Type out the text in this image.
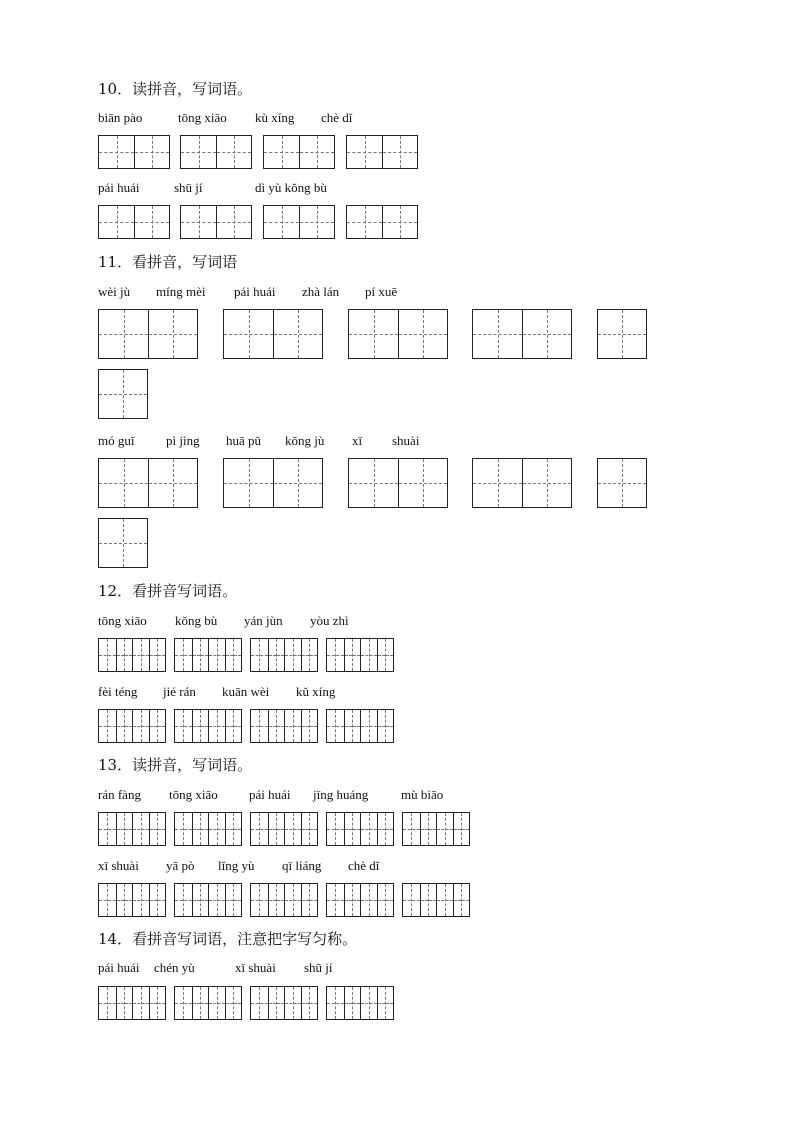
10．读拼音，写词语。
biān pào	tōng xiāo kù xíng chè dǐ
pái huái	shū jí	dì yù kǒng bù
11．看拼音，写词语
wèi jù míng mèi pái huái zhà lán pí xuē
mó guǐ pì jìng huā pǔ kǒng jù xī shuài
12．看拼音写词语。
tōng xiāo kǒng bù yán jùn yòu zhì
fèi téng jié rán kuān wèi kǔ xíng
13．读拼音，写词语。
rán fàng tōng xiāo pái huái jīng huáng	mù biāo
xī shuài yā pò lǐng yù qī liáng chè dǐ
14．看拼音写词语，注意把字写匀称。
pái huái chén yù	xī shuài shū jí
